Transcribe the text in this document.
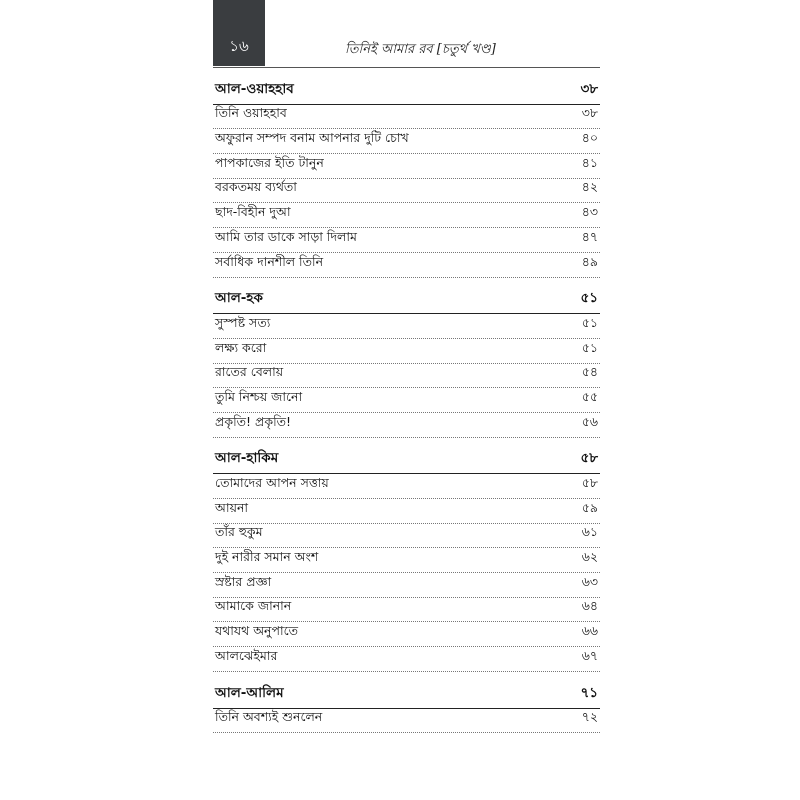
১৬	তিনিই আমার রব [চতুর্থ খণ্ড]
আল-ওয়াহহাব	৩৮
তিনি ওয়াহহাব	৩৮
অফুরান সম্পদ বনাম আপনার দুটি চোখ	৪০
পাপকাজের ইতি টানুন	৪১
বরকতময় ব্যর্থতা	৪২
ছাদ-বিহীন দুআ	৪৩
আমি তার ডাকে সাড়া দিলাম	৪৭
সর্বাধিক দানশীল তিনি	৪৯
আল-হক	৫১
সুস্পষ্ট সত্য	৫১
লক্ষ্য করো	৫১
রাতের বেলায়	৫৪
তুমি নিশ্চয় জানো	৫৫
প্রকৃতি! প্রকৃতি!	৫৬
আল-হাকিম	৫৮
তোমাদের আপন সত্তায়	৫৮
আয়না	৫৯
তাঁর হুকুম	৬১
দুই নারীর সমান অংশ	৬২
স্রষ্টার প্রজ্ঞা	৬৩
আমাকে জানান	৬৪
যথাযথ অনুপাতে	৬৬
আলঝেইমার	৬৭
আল-আলিম	৭১
তিনি অবশ্যই শুনলেন	৭২
